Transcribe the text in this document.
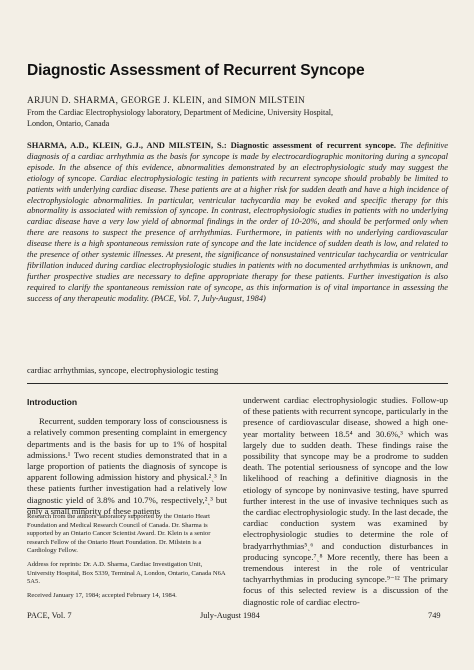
Diagnostic Assessment of Recurrent Syncope
ARJUN D. SHARMA, GEORGE J. KLEIN, and SIMON MILSTEIN
From the Cardiac Electrophysiology laboratory, Department of Medicine, University Hospital,
London, Ontario, Canada
SHARMA, A.D., KLEIN, G.J., AND MILSTEIN, S.: Diagnostic assessment of recurrent syncope. The definitive diagnosis of a cardiac arrhythmia as the basis for syncope is made by electrocardiographic monitoring during a syncopal episode. In the absence of this evidence, abnormalities demonstrated by an electrophysiologic study may suggest the etiology of syncope. Cardiac electrophysiologic testing in patients with recurrent syncope should probably be limited to patients with underlying cardiac disease. These patients are at a higher risk for sudden death and have a high incidence of electrophysiologic abnormalities. In particular, ventricular tachycardia may be evoked and specific therapy for this abnormality is associated with remission of syncope. In contrast, electrophysiologic studies in patients with no underlying cardiac disease have a very low yield of abnormal findings in the order of 10-20%, and should be performed only when there are reasons to suspect the presence of arrhythmias. Furthermore, in patients with no underlying cardiovascular disease there is a high spontaneous remission rate of syncope and the late incidence of sudden death is low, and related to the presence of other systemic illnesses. At present, the significance of nonsustained ventricular tachycardia or ventricular fibrillation induced during cardiac electrophysiologic studies in patients with no documented arrhythmias is unknown, and further prospective studies are necessary to define appropriate therapy for these patients. Further investigation is also required to clarify the spontaneous remission rate of syncope, as this information is of vital importance in assessing the success of any therapeutic modality. (PACE, Vol. 7, July-August, 1984)
cardiac arrhythmias, syncope, electrophysiologic testing
Introduction

Recurrent, sudden temporary loss of consciousness is a relatively common presenting complaint in emergency departments and is the basis for up to 1% of hospital admissions.¹ Two recent studies demonstrated that in a large proportion of patients the diagnosis of syncope is apparent following admission history and physical.²ˎ³ In these patients further investigation had a relatively low diagnostic yield of 3.8% and 10.7%, respectively,²ˎ³ but only a small minority of these patients

underwent cardiac electrophysiologic studies. Follow-up of these patients with recurrent syncope, particularly in the presence of cardiovascular disease, showed a high one-year mortality between 18.5⁴ and 30.6%,³ which was largely due to sudden death. These findings raise the possibility that syncope may be a prodrome to sudden death. The potential seriousness of syncope and the low likelihood of reaching a definitive diagnosis in the etiology of syncope by noninvasive testing, have spurred further interest in the use of invasive techniques such as the cardiac electrophysiologic study. In the last decade, the cardiac conduction system was examined by electrophysiologic studies to determine the role of bradyarrhythmias⁵ˎ⁶ and conduction disturbances in producing syncope.⁷ˎ⁸ More recently, there has been a tremendous interest in the role of ventricular tachyarrhythmias in producing syncope.⁹⁻¹² The primary focus of this selected review is a discussion of the diagnostic role of cardiac electro-

Research from the authors' laboratory supported by the Ontario Heart Foundation and Medical Research Council of Canada. Dr. Sharma is supported by an Ontario Cancer Scientist Award. Dr. Klein is a senior research Fellow of the Ontario Heart Foundation. Dr. Milstein is a Cardiology Fellow.

Address for reprints: Dr. A.D. Sharma, Cardiac Investigation Unit, University Hospital, Box 5339, Terminal A, London, Ontario, Canada N6A 5A5.

Received January 17, 1984; accepted February 14, 1984.

PACE, Vol. 7	July-August 1984	749
